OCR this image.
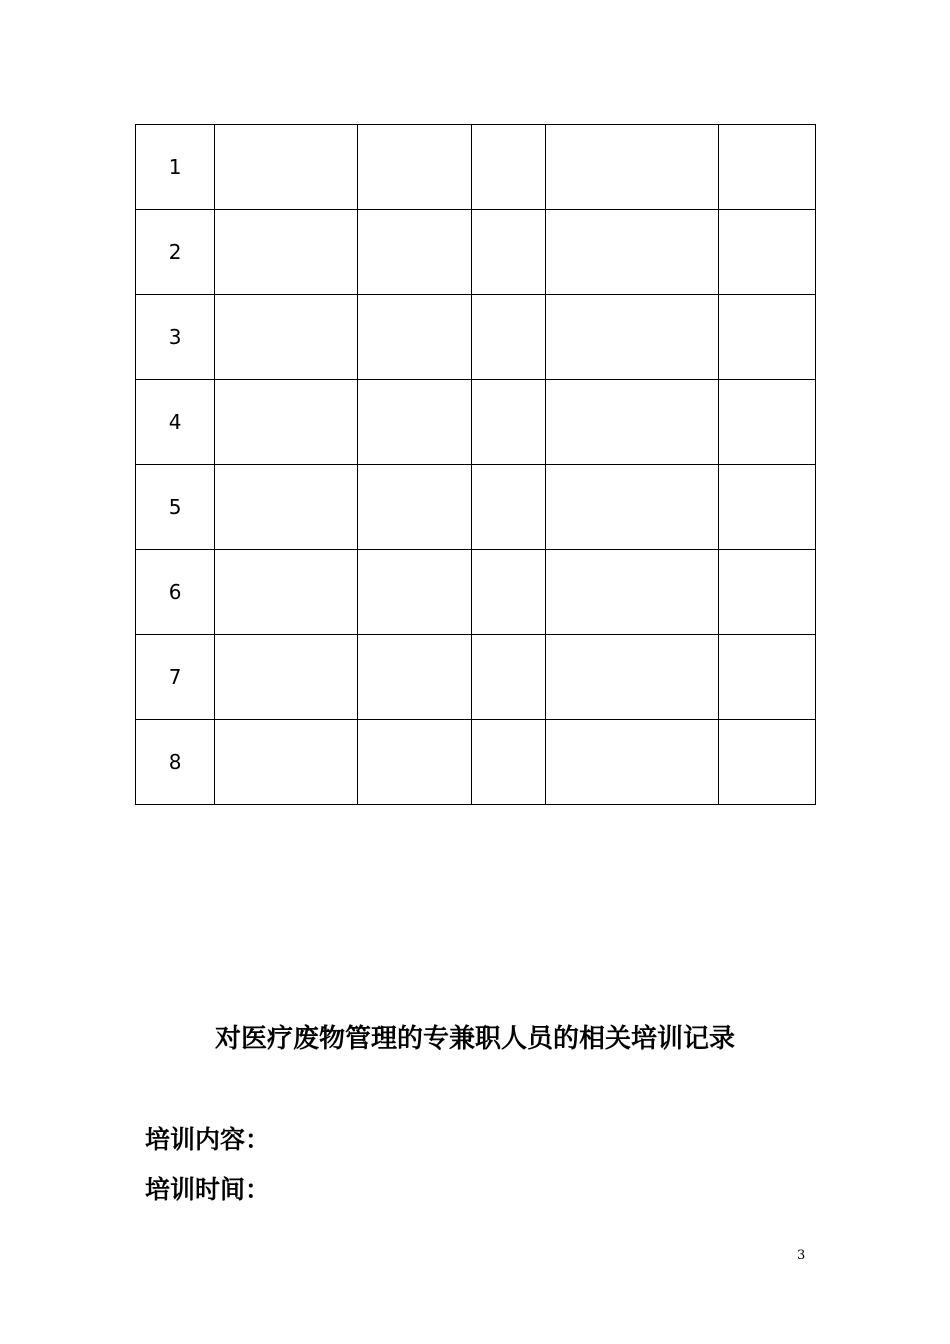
1					
2					
3					
4					
5					
6					
7					
8					
对医疗废物管理的专兼职人员的相关培训记录

培训内容：

培训时间：

3
